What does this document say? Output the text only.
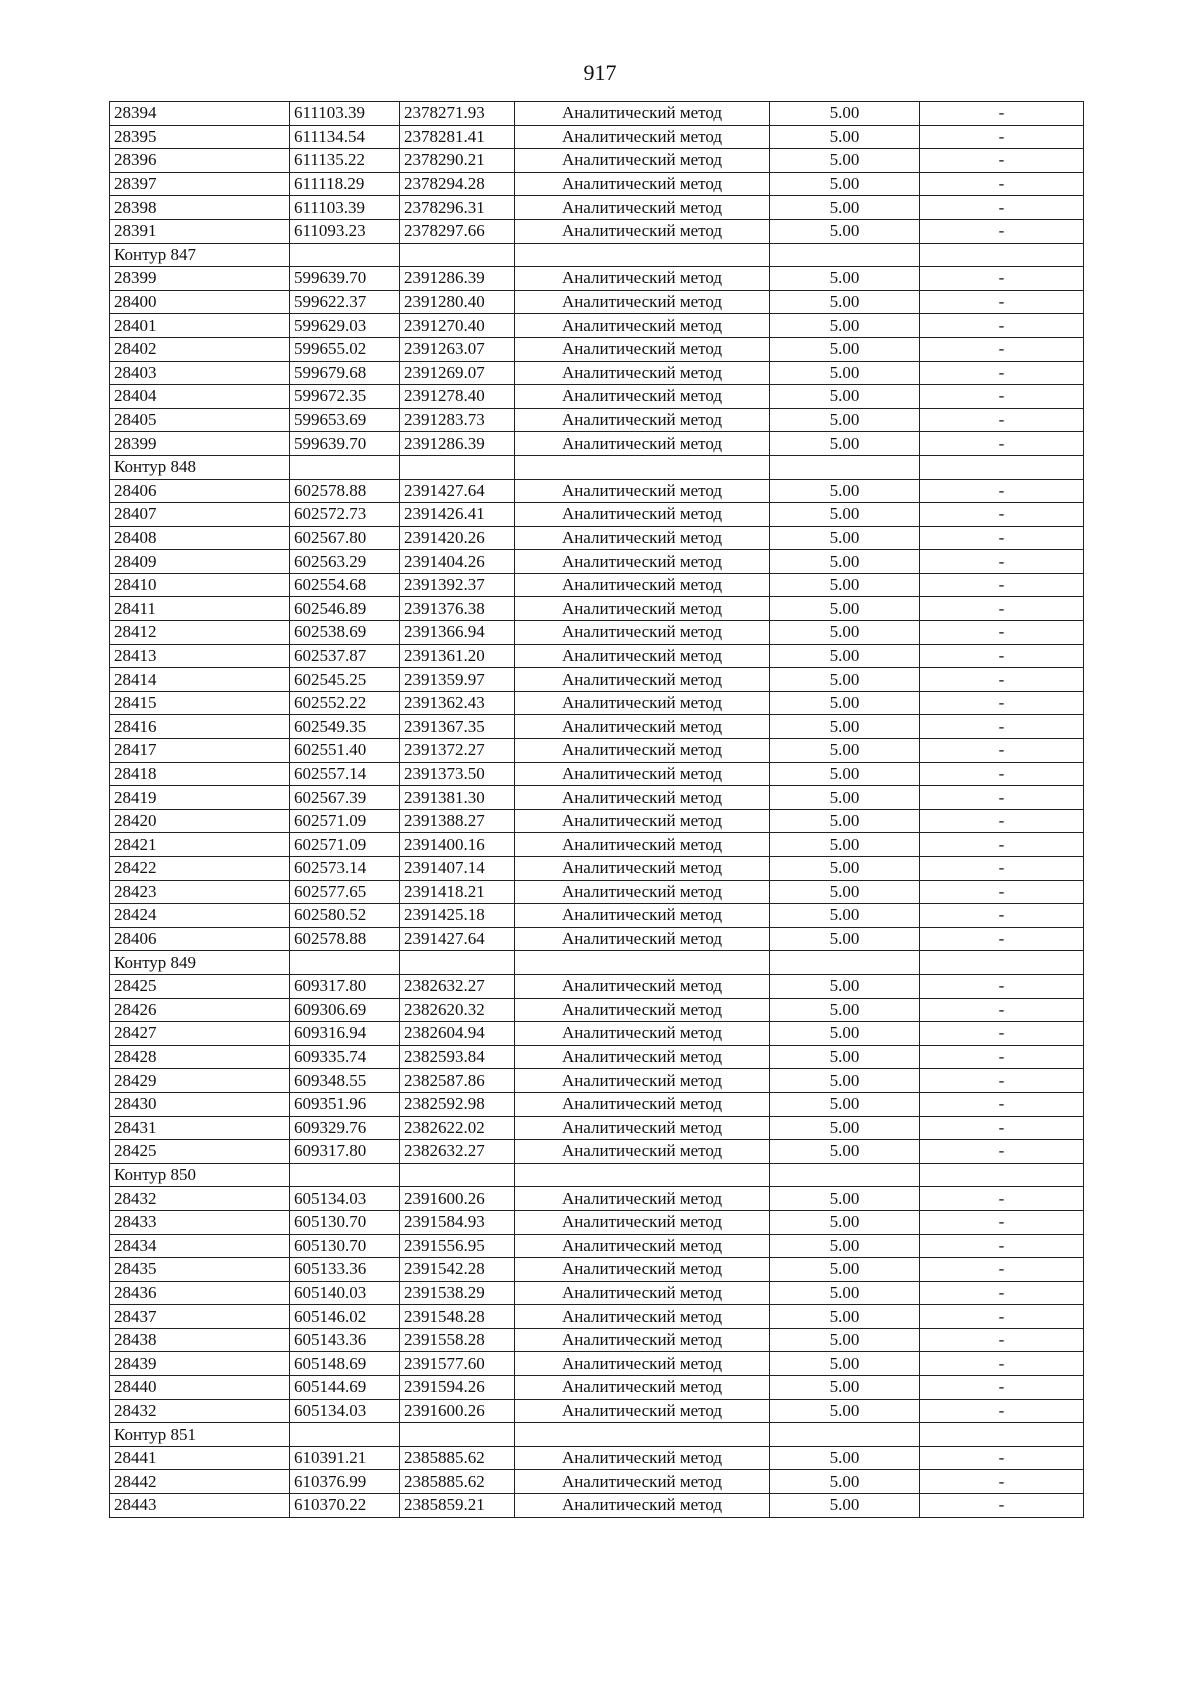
917
28394	611103.39	2378271.93	Аналитический метод	5.00	-
28395	611134.54	2378281.41	Аналитический метод	5.00	-
28396	611135.22	2378290.21	Аналитический метод	5.00	-
28397	611118.29	2378294.28	Аналитический метод	5.00	-
28398	611103.39	2378296.31	Аналитический метод	5.00	-
28391	611093.23	2378297.66	Аналитический метод	5.00	-
Контур 847					
28399	599639.70	2391286.39	Аналитический метод	5.00	-
28400	599622.37	2391280.40	Аналитический метод	5.00	-
28401	599629.03	2391270.40	Аналитический метод	5.00	-
28402	599655.02	2391263.07	Аналитический метод	5.00	-
28403	599679.68	2391269.07	Аналитический метод	5.00	-
28404	599672.35	2391278.40	Аналитический метод	5.00	-
28405	599653.69	2391283.73	Аналитический метод	5.00	-
28399	599639.70	2391286.39	Аналитический метод	5.00	-
Контур 848					
28406	602578.88	2391427.64	Аналитический метод	5.00	-
28407	602572.73	2391426.41	Аналитический метод	5.00	-
28408	602567.80	2391420.26	Аналитический метод	5.00	-
28409	602563.29	2391404.26	Аналитический метод	5.00	-
28410	602554.68	2391392.37	Аналитический метод	5.00	-
28411	602546.89	2391376.38	Аналитический метод	5.00	-
28412	602538.69	2391366.94	Аналитический метод	5.00	-
28413	602537.87	2391361.20	Аналитический метод	5.00	-
28414	602545.25	2391359.97	Аналитический метод	5.00	-
28415	602552.22	2391362.43	Аналитический метод	5.00	-
28416	602549.35	2391367.35	Аналитический метод	5.00	-
28417	602551.40	2391372.27	Аналитический метод	5.00	-
28418	602557.14	2391373.50	Аналитический метод	5.00	-
28419	602567.39	2391381.30	Аналитический метод	5.00	-
28420	602571.09	2391388.27	Аналитический метод	5.00	-
28421	602571.09	2391400.16	Аналитический метод	5.00	-
28422	602573.14	2391407.14	Аналитический метод	5.00	-
28423	602577.65	2391418.21	Аналитический метод	5.00	-
28424	602580.52	2391425.18	Аналитический метод	5.00	-
28406	602578.88	2391427.64	Аналитический метод	5.00	-
Контур 849					
28425	609317.80	2382632.27	Аналитический метод	5.00	-
28426	609306.69	2382620.32	Аналитический метод	5.00	-
28427	609316.94	2382604.94	Аналитический метод	5.00	-
28428	609335.74	2382593.84	Аналитический метод	5.00	-
28429	609348.55	2382587.86	Аналитический метод	5.00	-
28430	609351.96	2382592.98	Аналитический метод	5.00	-
28431	609329.76	2382622.02	Аналитический метод	5.00	-
28425	609317.80	2382632.27	Аналитический метод	5.00	-
Контур 850					
28432	605134.03	2391600.26	Аналитический метод	5.00	-
28433	605130.70	2391584.93	Аналитический метод	5.00	-
28434	605130.70	2391556.95	Аналитический метод	5.00	-
28435	605133.36	2391542.28	Аналитический метод	5.00	-
28436	605140.03	2391538.29	Аналитический метод	5.00	-
28437	605146.02	2391548.28	Аналитический метод	5.00	-
28438	605143.36	2391558.28	Аналитический метод	5.00	-
28439	605148.69	2391577.60	Аналитический метод	5.00	-
28440	605144.69	2391594.26	Аналитический метод	5.00	-
28432	605134.03	2391600.26	Аналитический метод	5.00	-
Контур 851					
28441	610391.21	2385885.62	Аналитический метод	5.00	-
28442	610376.99	2385885.62	Аналитический метод	5.00	-
28443	610370.22	2385859.21	Аналитический метод	5.00	-
